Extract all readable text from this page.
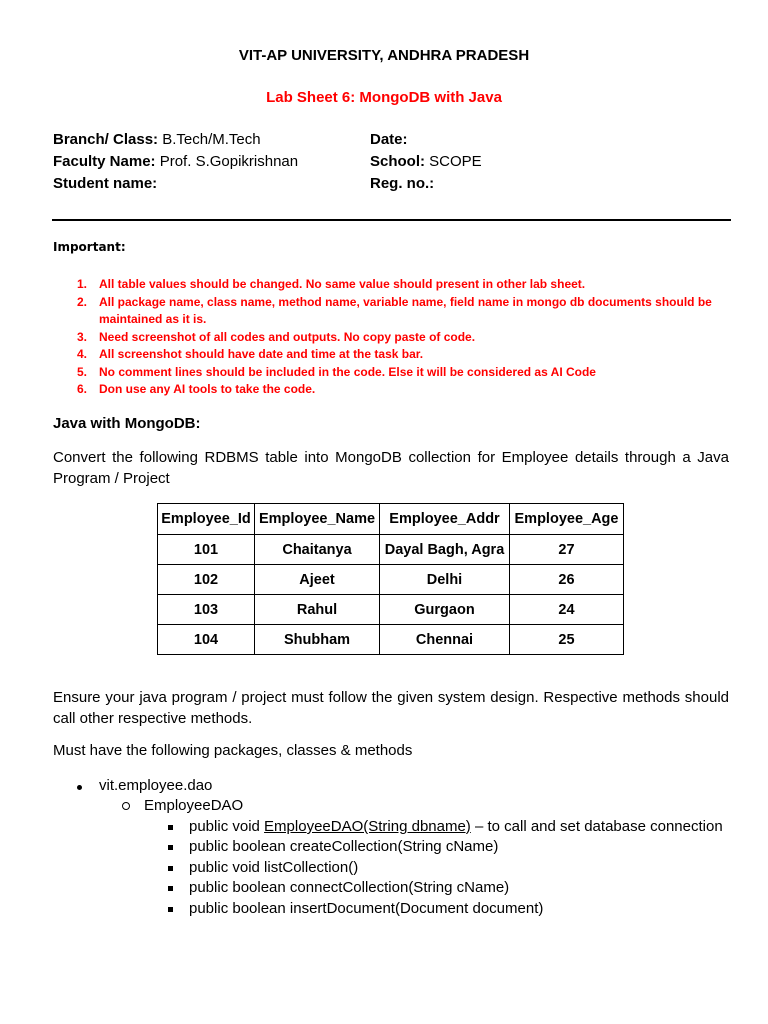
VIT-AP UNIVERSITY, ANDHRA PRADESH
Lab Sheet 6: MongoDB with Java
Branch/ Class: B.Tech/M.Tech	Date:
Faculty Name: Prof. S.Gopikrishnan	School: SCOPE
Student name:	Reg. no.:
Important:
1. All table values should be changed. No same value should present in other lab sheet.
2. All package name, class name, method name, variable name, field name in mongo db documents should be maintained as it is.
3. Need screenshot of all codes and outputs. No copy paste of code.
4. All screenshot should have date and time at the task bar.
5. No comment lines should be included in the code. Else it will be considered as AI Code
6. Don use any AI tools to take the code.
Java with MongoDB:
Convert the following RDBMS table into MongoDB collection for Employee details through a Java Program / Project
Employee_Id	Employee_Name	Employee_Addr	Employee_Age
101	Chaitanya	Dayal Bagh, Agra	27
102	Ajeet	Delhi	26
103	Rahul	Gurgaon	24
104	Shubham	Chennai	25
Ensure your java program / project must follow the given system design. Respective methods should call other respective methods.
Must have the following packages, classes & methods
vit.employee.dao
EmployeeDAO
public void EmployeeDAO(String dbname) – to call and set database connection
public boolean createCollection(String cName)
public void listCollection()
public boolean connectCollection(String cName)
public boolean insertDocument(Document document)
